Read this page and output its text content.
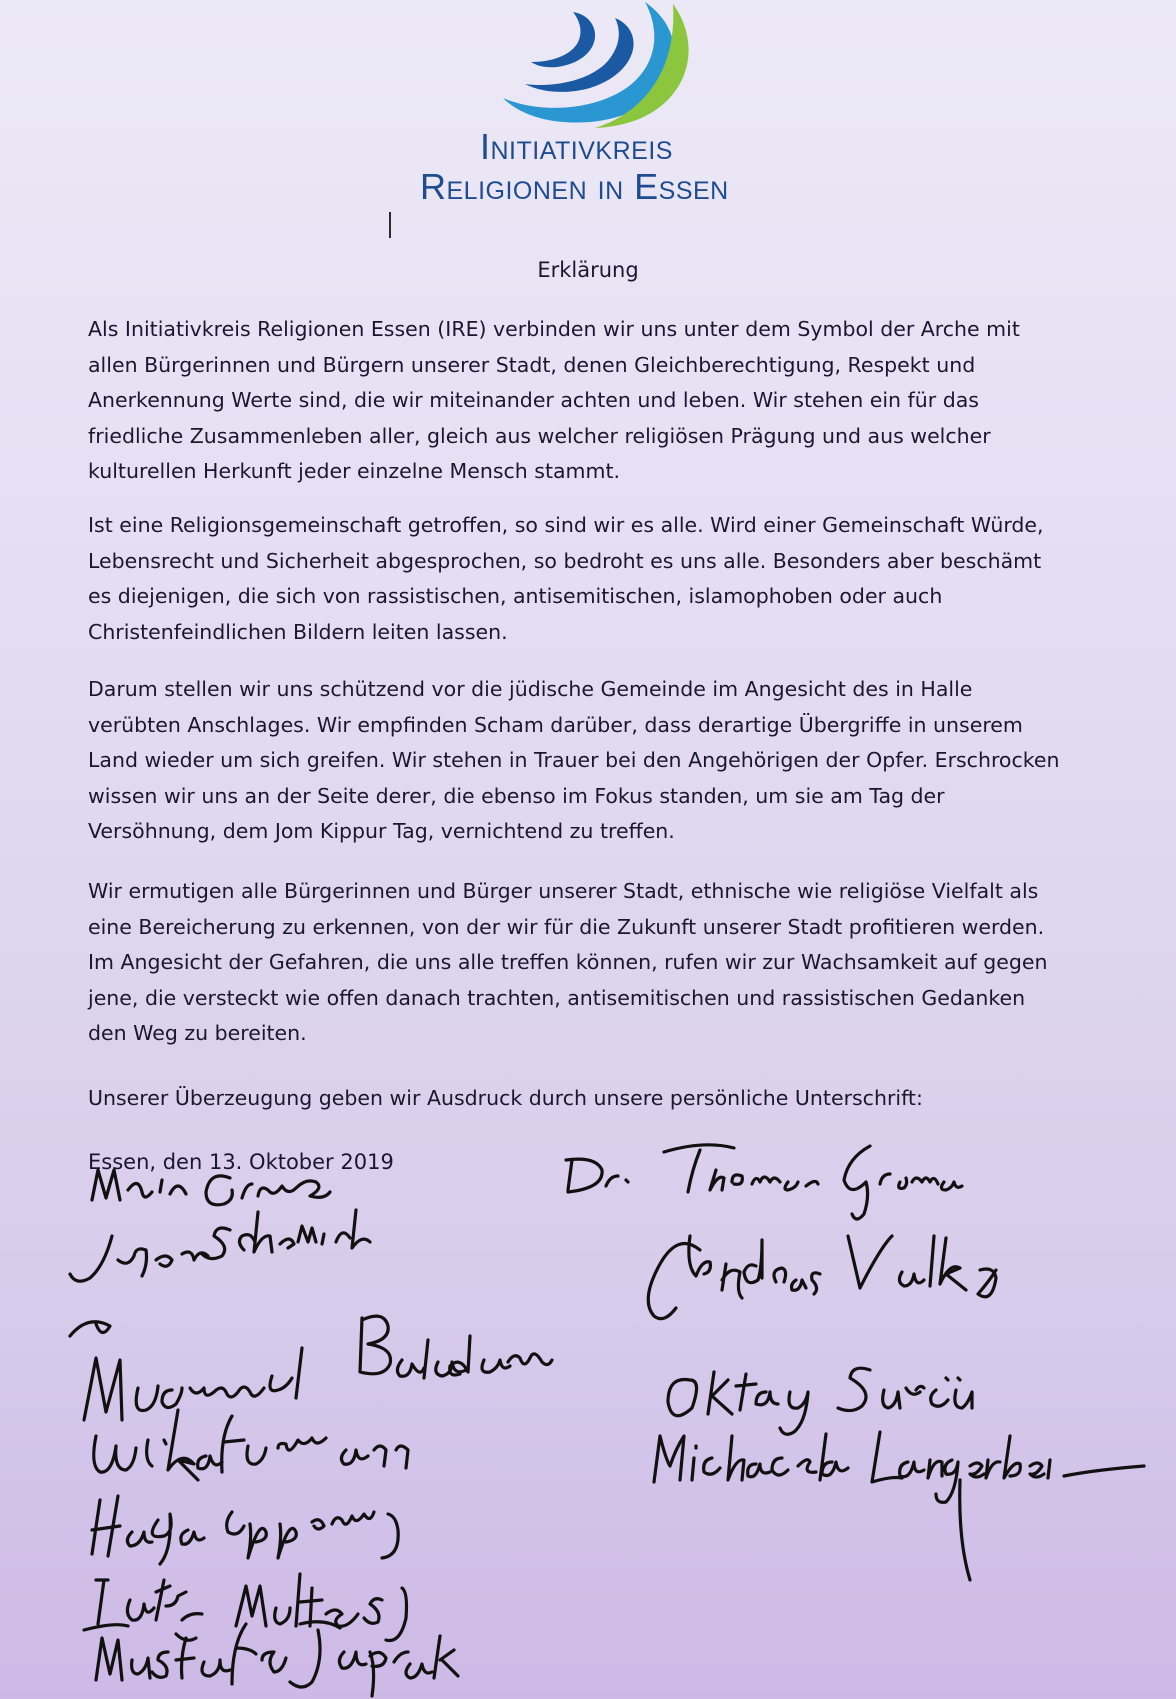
Initiativkreis
Religionen in Essen
Erklärung

Als Initiativkreis Religionen Essen (IRE) verbinden wir uns unter dem Symbol der Arche mit allen Bürgerinnen und Bürgern unserer Stadt, denen Gleichberechtigung, Respekt und Anerkennung Werte sind, die wir miteinander achten und leben. Wir stehen ein für das friedliche Zusammenleben aller, gleich aus welcher religiösen Prägung und aus welcher kulturellen Herkunft jeder einzelne Mensch stammt.

Ist eine Religionsgemeinschaft getroffen, so sind wir es alle. Wird einer Gemeinschaft Würde, Lebensrecht und Sicherheit abgesprochen, so bedroht es uns alle. Besonders aber beschämt es diejenigen, die sich von rassistischen, antisemitischen, islamophoben oder auch Christenfeindlichen Bildern leiten lassen.

Darum stellen wir uns schützend vor die jüdische Gemeinde im Angesicht des in Halle verübten Anschlages. Wir empfinden Scham darüber, dass derartige Übergriffe in unserem Land wieder um sich greifen. Wir stehen in Trauer bei den Angehörigen der Opfer. Erschrocken wissen wir uns an der Seite derer, die ebenso im Fokus standen, um sie am Tag der Versöhnung, dem Jom Kippur Tag, vernichtend zu treffen.

Wir ermutigen alle Bürgerinnen und Bürger unserer Stadt, ethnische wie religiöse Vielfalt als eine Bereicherung zu erkennen, von der wir für die Zukunft unserer Stadt profitieren werden. Im Angesicht der Gefahren, die uns alle treffen können, rufen wir zur Wachsamkeit auf gegen jene, die versteckt wie offen danach trachten, antisemitischen und rassistischen Gedanken den Weg zu bereiten.

Unserer Überzeugung geben wir Ausdruck durch unsere persönliche Unterschrift:

Essen, den 13. Oktober 2019
